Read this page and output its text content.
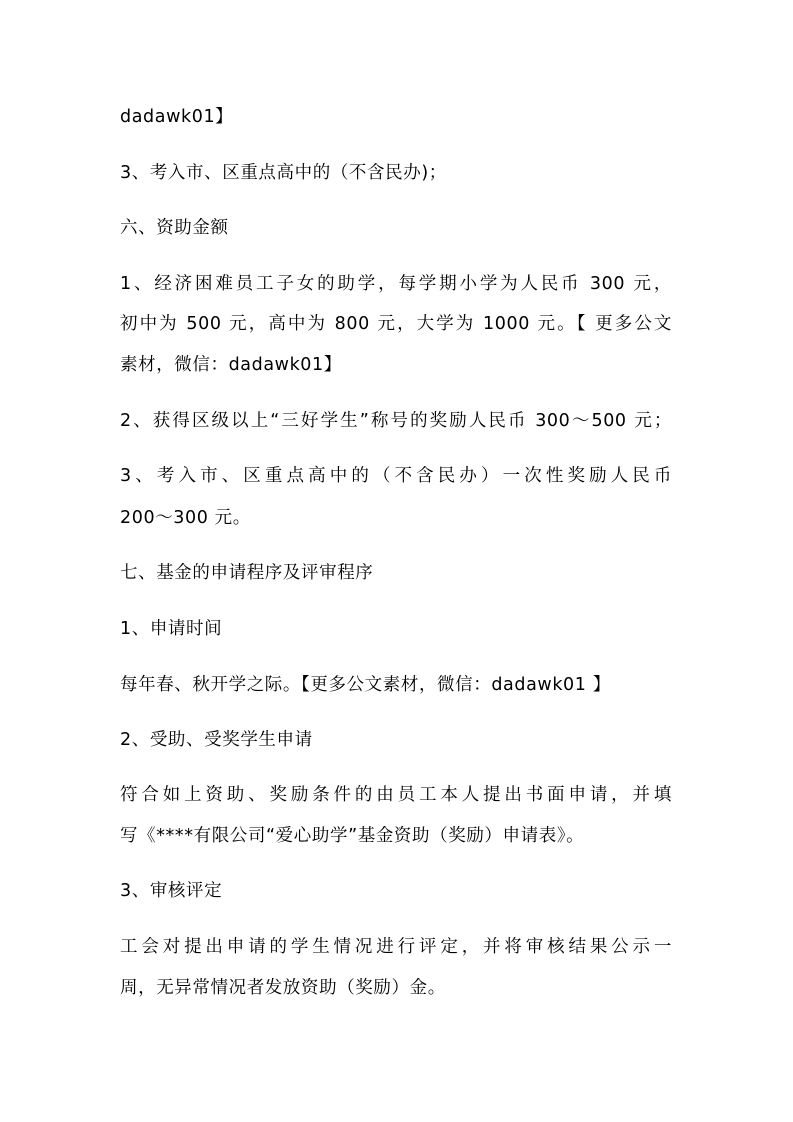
dadawk01】
3、考入市、区重点高中的（不含民办)；
六、资助金额
1、经济困难员工子女的助学，每学期小学为人民币 300 元，
初中为 500 元，高中为 800 元，大学为 1000 元。【 更多公文
素材，微信：dadawk01】
2、获得区级以上“三好学生”称号的奖励人民币 300～500 元；
3、考入市、区重点高中的（不含民办）一次性奖励人民币
200～300 元。
七、基金的申请程序及评审程序
1、申请时间
每年春、秋开学之际。【更多公文素材，微信：dadawk01 】
2、受助、受奖学生申请
符合如上资助、奖励条件的由员工本人提出书面申请，并填
写《****有限公司“爱心助学”基金资助（奖励）申请表》。
3、审核评定
工会对提出申请的学生情况进行评定，并将审核结果公示一
周，无异常情况者发放资助（奖励）金。
